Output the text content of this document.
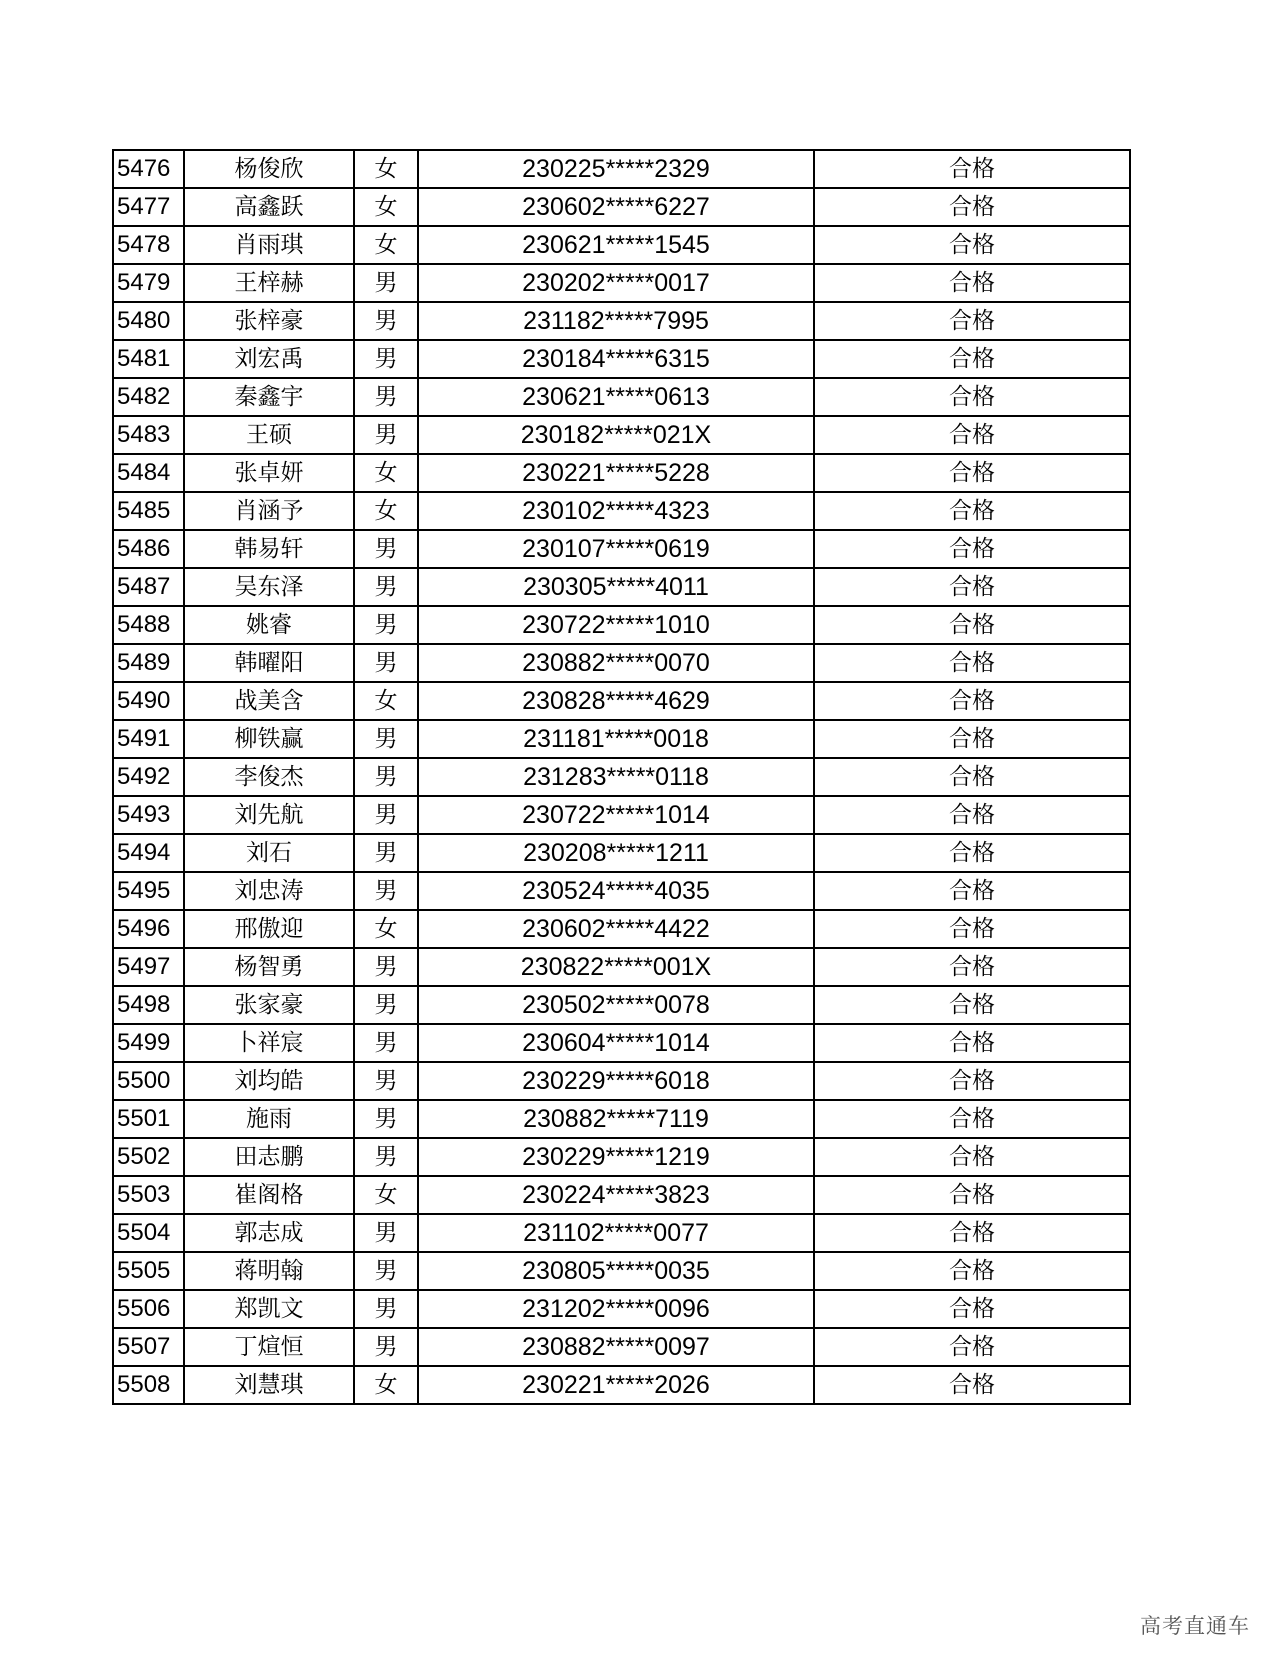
5476	杨俊欣	女	230225*****2329	合格
5477	高鑫跃	女	230602*****6227	合格
5478	肖雨琪	女	230621*****1545	合格
5479	王梓赫	男	230202*****0017	合格
5480	张梓豪	男	231182*****7995	合格
5481	刘宏禹	男	230184*****6315	合格
5482	秦鑫宇	男	230621*****0613	合格
5483	王硕	男	230182*****021X	合格
5484	张卓妍	女	230221*****5228	合格
5485	肖涵予	女	230102*****4323	合格
5486	韩易轩	男	230107*****0619	合格
5487	吴东泽	男	230305*****4011	合格
5488	姚睿	男	230722*****1010	合格
5489	韩曜阳	男	230882*****0070	合格
5490	战美含	女	230828*****4629	合格
5491	柳铁赢	男	231181*****0018	合格
5492	李俊杰	男	231283*****0118	合格
5493	刘先航	男	230722*****1014	合格
5494	刘石	男	230208*****1211	合格
5495	刘忠涛	男	230524*****4035	合格
5496	邢傲迎	女	230602*****4422	合格
5497	杨智勇	男	230822*****001X	合格
5498	张家豪	男	230502*****0078	合格
5499	卜祥宸	男	230604*****1014	合格
5500	刘均皓	男	230229*****6018	合格
5501	施雨	男	230882*****7119	合格
5502	田志鹏	男	230229*****1219	合格
5503	崔阁格	女	230224*****3823	合格
5504	郭志成	男	231102*****0077	合格
5505	蒋明翰	男	230805*****0035	合格
5506	郑凯文	男	231202*****0096	合格
5507	丁煊恒	男	230882*****0097	合格
5508	刘慧琪	女	230221*****2026	合格
高考直通车
